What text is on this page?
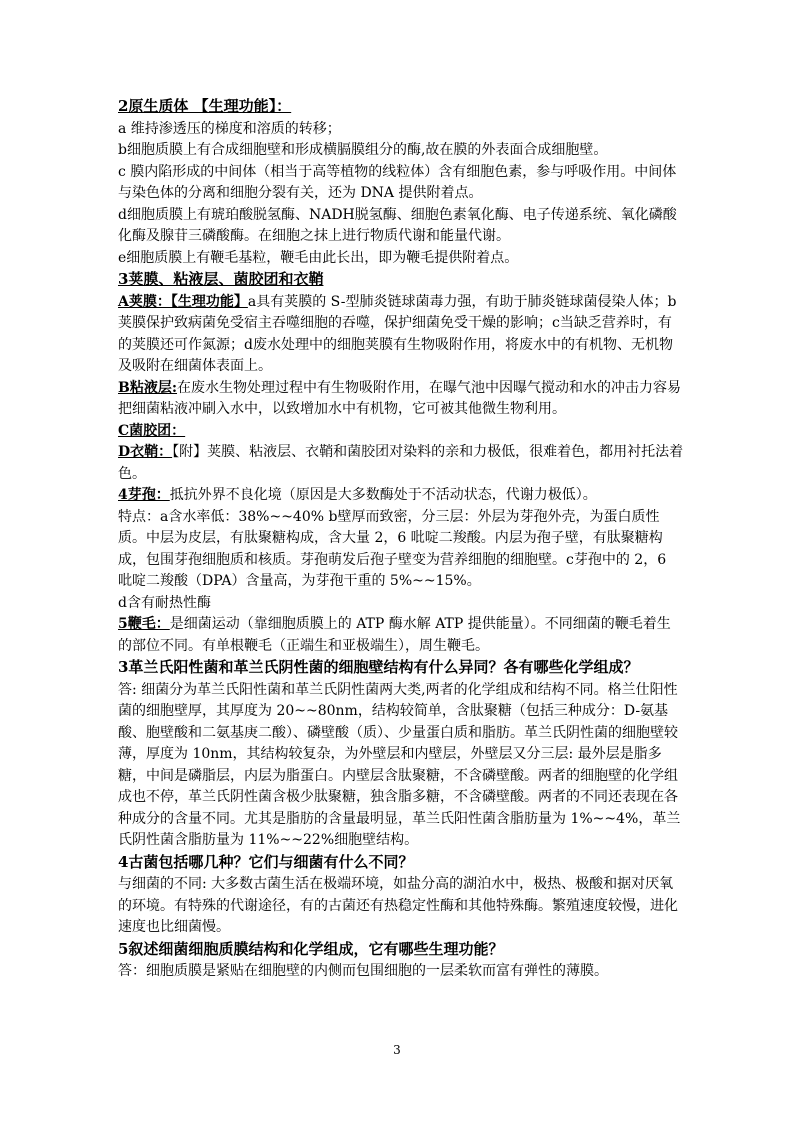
2原生质体 【生理功能】：

a 维持渗透压的梯度和溶质的转移；

b细胞质膜上有合成细胞壁和形成横膈膜组分的酶,故在膜的外表面合成细胞壁。

c 膜内陷形成的中间体（相当于高等植物的线粒体）含有细胞色素，参与呼吸作用。中间体与染色体的分离和细胞分裂有关，还为 DNA 提供附着点。

d细胞质膜上有琥珀酸脱氢酶、NADH脱氢酶、细胞色素氧化酶、电子传递系统、氧化磷酸化酶及腺苷三磷酸酶。在细胞之抹上进行物质代谢和能量代谢。

e细胞质膜上有鞭毛基粒，鞭毛由此长出，即为鞭毛提供附着点。

3荚膜、粘液层、菌胶团和衣鞘

A荚膜：【生理功能】a具有荚膜的 S-型肺炎链球菌毒力强，有助于肺炎链球菌侵染人体；b荚膜保护致病菌免受宿主吞噬细胞的吞噬，保护细菌免受干燥的影响；c当缺乏营养时，有的荚膜还可作氮源；d废水处理中的细胞荚膜有生物吸附作用，将废水中的有机物、无机物及吸附在细菌体表面上。

B粘液层:在废水生物处理过程中有生物吸附作用，在曝气池中因曝气搅动和水的冲击力容易把细菌粘液冲刷入水中，以致增加水中有机物，它可被其他微生物利用。

C菌胶团：

D衣鞘：【附】荚膜、粘液层、衣鞘和菌胶团对染料的亲和力极低，很难着色，都用衬托法着色。

4芽孢：抵抗外界不良化境（原因是大多数酶处于不活动状态，代谢力极低）。

特点：a含水率低：38%~~40% b壁厚而致密，分三层：外层为芽孢外壳，为蛋白质性质。中层为皮层，有肽聚糖构成，含大量 2，6 吡啶二羧酸。内层为孢子壁，有肽聚糖构成，包围芽孢细胞质和核质。芽孢萌发后孢子壁变为营养细胞的细胞壁。c芽孢中的 2，6 吡啶二羧酸（DPA）含量高，为芽孢干重的 5%~~15%。

d含有耐热性酶

5鞭毛：是细菌运动（靠细胞质膜上的 ATP 酶水解 ATP 提供能量）。不同细菌的鞭毛着生的部位不同。有单根鞭毛（正端生和亚极端生），周生鞭毛。

3革兰氏阳性菌和革兰氏阴性菌的细胞壁结构有什么异同？各有哪些化学组成？

答: 细菌分为革兰氏阳性菌和革兰氏阴性菌两大类,两者的化学组成和结构不同。格兰仕阳性菌的细胞壁厚，其厚度为 20~~80nm，结构较简单，含肽聚糖（包括三种成分：D-氨基酸、胞壁酸和二氨基庚二酸）、磷壁酸（质）、少量蛋白质和脂肪。革兰氏阴性菌的细胞壁较薄，厚度为 10nm，其结构较复杂，为外壁层和内壁层，外壁层又分三层: 最外层是脂多糖，中间是磷脂层，内层为脂蛋白。内壁层含肽聚糖，不含磷壁酸。两者的细胞壁的化学组成也不停，革兰氏阴性菌含极少肽聚糖，独含脂多糖，不含磷壁酸。两者的不同还表现在各种成分的含量不同。尤其是脂肪的含量最明显，革兰氏阳性菌含脂肪量为 1%~~4%，革兰氏阴性菌含脂肪量为 11%~~22%细胞壁结构。

4古菌包括哪几种？它们与细菌有什么不同？

与细菌的不同: 大多数古菌生活在极端环境，如盐分高的湖泊水中，极热、极酸和据对厌氧的环境。有特殊的代谢途径，有的古菌还有热稳定性酶和其他特殊酶。繁殖速度较慢，进化速度也比细菌慢。

5叙述细菌细胞质膜结构和化学组成，它有哪些生理功能？

答：细胞质膜是紧贴在细胞壁的内侧而包围细胞的一层柔软而富有弹性的薄膜。

3
